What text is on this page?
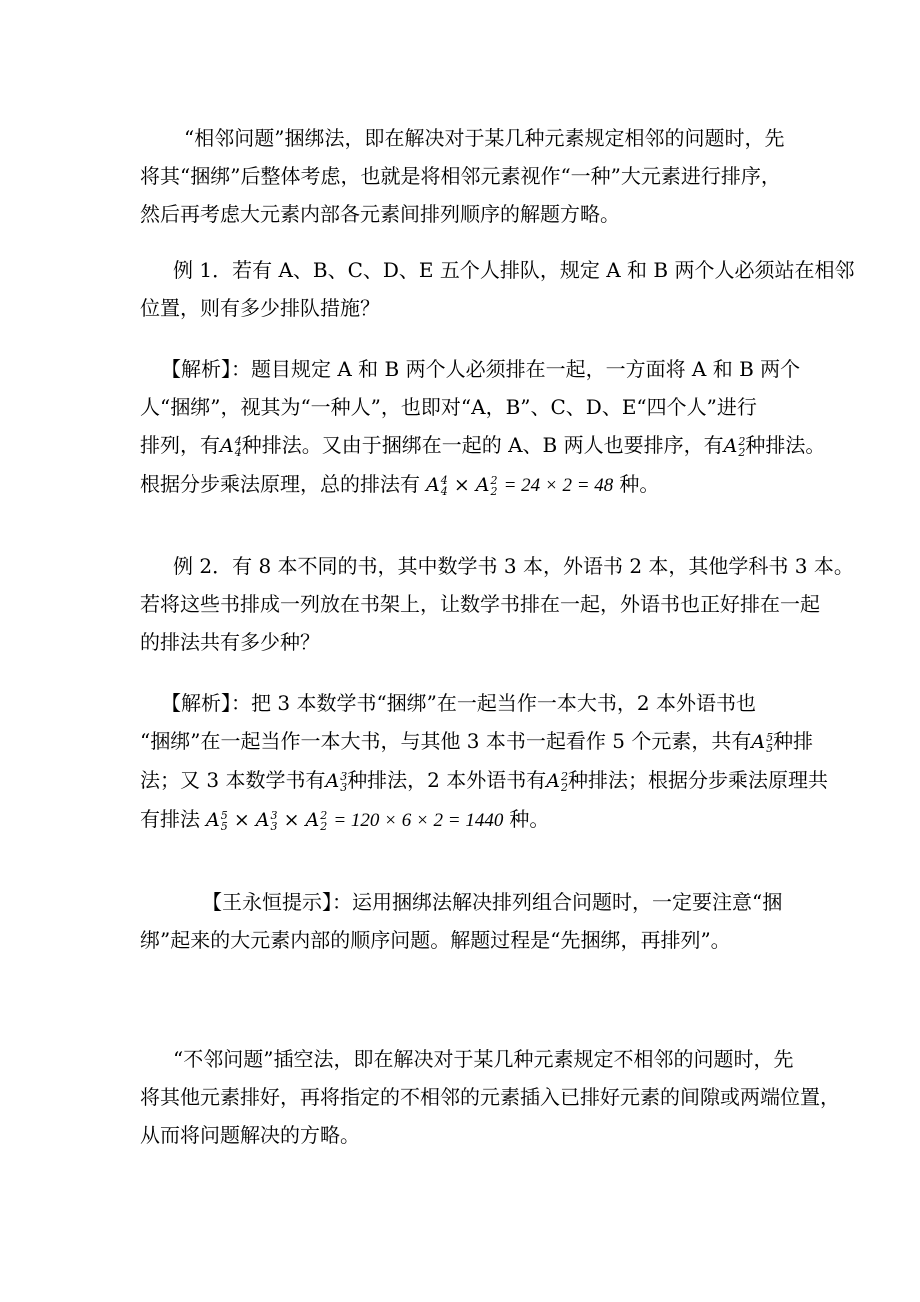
“相邻问题”捆绑法，即在解决对于某几种元素规定相邻的问题时，先
将其“捆绑”后整体考虑，也就是将相邻元素视作“一种”大元素进行排序，
然后再考虑大元素内部各元素间排列顺序的解题方略。

例 1．若有 A、B、C、D、E 五个人排队，规定 A 和 B 两个人必须站在相邻
位置，则有多少排队措施？

【解析】：题目规定 A 和 B 两个人必须排在一起，一方面将 A 和 B 两个
人“捆绑”，视其为“一种人”，也即对“A，B”、C、D、E“四个人”进行
排列，有A 4
4 种排法。又由于捆绑在一起的 A、B 两人也要排序，有A 2
2 种排法。
根据分步乘法原理，总的排法有 A 4
4 × A 2
2 = 24 × 2 = 48 种。

例 2．有 8 本不同的书，其中数学书 3 本，外语书 2 本，其他学科书 3 本。
若将这些书排成一列放在书架上，让数学书排在一起，外语书也正好排在一起
的排法共有多少种？

【解析】：把 3 本数学书“捆绑”在一起当作一本大书，2 本外语书也
“捆绑”在一起当作一本大书，与其他 3 本书一起看作 5 个元素，共有A 5
5 种排
法；又 3 本数学书有A 3
3 种排法，2 本外语书有A 2
2 种排法；根据分步乘法原理共
有排法 A 5
5 × A 3
3 × A 2
2 = 120 × 6 × 2 = 1440 种。

【王永恒提示】：运用捆绑法解决排列组合问题时，一定要注意“捆
绑”起来的大元素内部的顺序问题。解题过程是“先捆绑，再排列”。

“不邻问题”插空法，即在解决对于某几种元素规定不相邻的问题时，先
将其他元素排好，再将指定的不相邻的元素插入已排好元素的间隙或两端位置，
从而将问题解决的方略。
